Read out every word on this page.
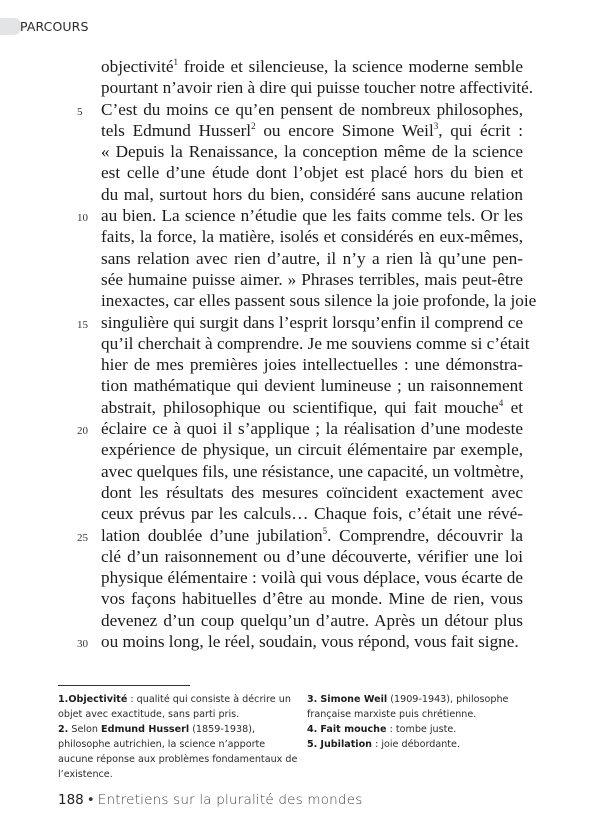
PARCOURS
objectivité$^1$ froide et silencieuse, la science moderne semble
pourtant n’avoir rien à dire qui puisse toucher notre affectivité.
5	C’est du moins ce qu’en pensent de nombreux philosophes,
tels Edmund Husserl$^2$ ou encore Simone Weil$^3$, qui écrit :
« Depuis la Renaissance, la conception même de la science
est celle d’une étude dont l’objet est placé hors du bien et
du mal, surtout hors du bien, considéré sans aucune relation
10 au bien. La science n’étudie que les faits comme tels. Or les
faits, la force, la matière, isolés et considérés en eux-mêmes,
sans relation avec rien d’autre, il n’y a rien là qu’une pen-
sée humaine puisse aimer. » Phrases terribles, mais peut-être
inexactes, car elles passent sous silence la joie profonde, la joie
15 singulière qui surgit dans l’esprit lorsqu’enfin il comprend ce
qu’il cherchait à comprendre. Je me souviens comme si c’était
hier de mes premières joies intellectuelles : une démonstra-
tion mathématique qui devient lumineuse ; un raisonnement
abstrait, philosophique ou scientifique, qui fait mouche$^4$ et
20 éclaire ce à quoi il s’applique ; la réalisation d’une modeste
expérience de physique, un circuit élémentaire par exemple,
avec quelques fils, une résistance, une capacité, un voltmètre,
dont les résultats des mesures coïncident exactement avec
ceux prévus par les calculs… Chaque fois, c’était une révé-
25 lation doublée d’une jubilation$^5$. Comprendre, découvrir la
clé d’un raisonnement ou d’une découverte, vérifier une loi
physique élémentaire : voilà qui vous déplace, vous écarte de
vos façons habituelles d’être au monde. Mine de rien, vous
devenez d’un coup quelqu’un d’autre. Après un détour plus
30 ou moins long, le réel, soudain, vous répond, vous fait signe.
1.Objectivité : qualité qui consiste à décrire un objet avec exactitude, sans parti pris.
2. Selon Edmund Husserl (1859-1938), philosophe autrichien, la science n’apporte aucune réponse aux problèmes fondamentaux de l’existence.
3. Simone Weil (1909-1943), philosophe française marxiste puis chrétienne.
4. Fait mouche : tombe juste.
5. Jubilation : joie débordante.
188 • Entretiens sur la pluralité des mondes
